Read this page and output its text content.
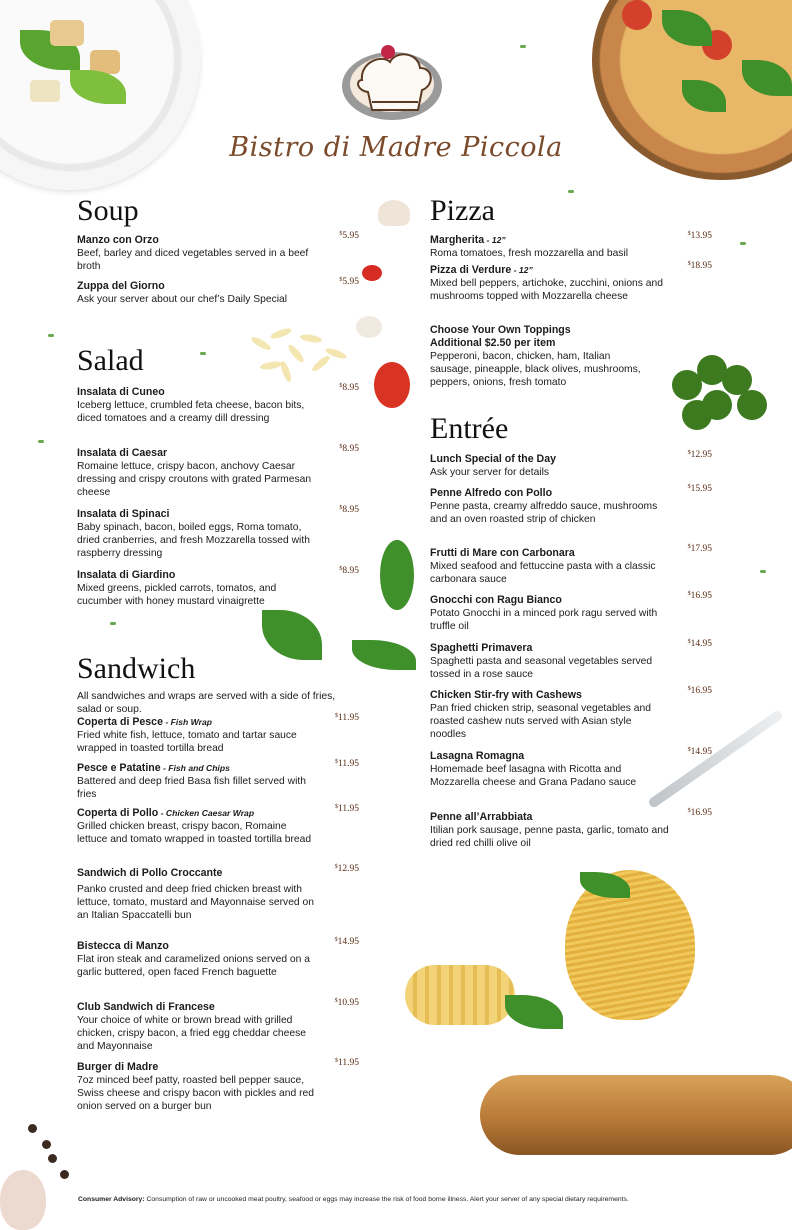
Bistro di Madre Piccola
Soup
Manzo con Orzo
Beef, barley and diced vegetables served in a beef broth
$5.95
Zuppa del Giorno
Ask your server about our chef’s Daily Special
$5.95
Salad
Insalata di Cuneo
Iceberg lettuce, crumbled feta cheese, bacon bits, diced tomatoes and a creamy dill dressing
$8.95
Insalata di Caesar
Romaine lettuce, crispy bacon, anchovy Caesar dressing and crispy croutons with grated Parmesan cheese
$8.95
Insalata di Spinaci
Baby spinach, bacon, boiled eggs, Roma tomato, dried cranberries, and fresh Mozzarella tossed with raspberry dressing
$8.95
Insalata di Giardino
Mixed greens, pickled carrots, tomatos, and cucumber with honey mustard vinaigrette
$8.95
Sandwich
All sandwiches and wraps are served with a side of fries, salad or soup.
Coperta di Pesce - Fish Wrap
Fried white fish, lettuce, tomato and tartar sauce wrapped in toasted tortilla bread
$11.95
Pesce e Patatine - Fish and Chips
Battered and deep fried Basa fish fillet served with fries
$11.95
Coperta di Pollo - Chicken Caesar Wrap
Grilled chicken breast, crispy bacon, Romaine lettuce and tomato wrapped in toasted tortilla bread
$11.95
Sandwich di Pollo Croccante
Panko crusted and deep fried chicken breast with lettuce, tomato, mustard and Mayonnaise served on an Italian Spaccatelli bun
$12.95
Bistecca di Manzo
Flat iron steak and caramelized onions served on a garlic buttered, open faced French baguette
$14.95
Club Sandwich di Francese
Your choice of white or brown bread with grilled chicken, crispy bacon, a fried egg cheddar cheese and Mayonnaise
$10.95
Burger di Madre
7oz minced beef patty, roasted bell pepper sauce, Swiss cheese and crispy bacon with pickles and red onion served on a burger bun
$11.95
Pizza
Margherita - 12”
Roma tomatoes, fresh mozzarella and basil
$13.95
Pizza di Verdure - 12”
Mixed bell peppers, artichoke, zucchini, onions and mushrooms topped with Mozzarella cheese
$18.95
Choose Your Own Toppings
Additional $2.50 per item
Pepperoni, bacon, chicken, ham, Italian sausage, pineapple, black olives, mushrooms, peppers, onions, fresh tomato
Entrée
Lunch Special of the Day
Ask your server for details
$12.95
Penne Alfredo con Pollo
Penne pasta, creamy alfreddo sauce, mushrooms and an oven roasted strip of chicken
$15.95
Frutti di Mare con Carbonara
Mixed seafood and fettuccine pasta with a classic carbonara sauce
$17.95
Gnocchi con Ragu Bianco
Potato Gnocchi in a minced pork ragu served with truffle oil
$16.95
Spaghetti Primavera
Spaghetti pasta and seasonal vegetables served tossed in a rose sauce
$14.95
Chicken Stir-fry with Cashews
Pan fried chicken strip, seasonal vegetables and roasted cashew nuts served with Asian style noodles
$16.95
Lasagna Romagna
Homemade beef lasagna with Ricotta and Mozzarella cheese and Grana Padano sauce
$14.95
Penne all’Arrabbiata
Itilian pork sausage, penne pasta, garlic, tomato and dried red chilli olive oil
$16.95
Consumer Advisory: Consumption of raw or uncooked meat poultry, seafood or eggs may increase the risk of food borne illness. Alert your server of any special dietary requirements.
